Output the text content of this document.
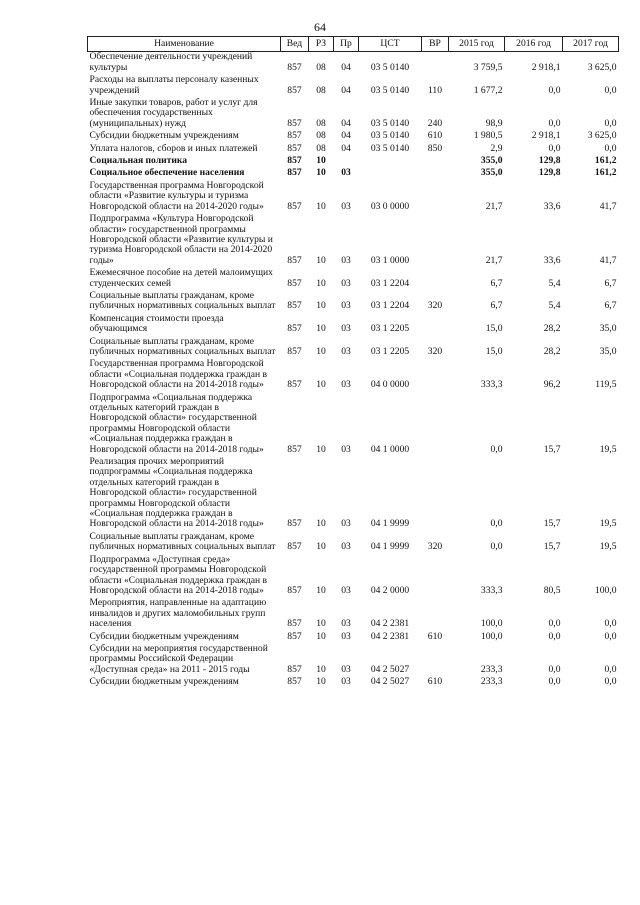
64
Наименование	Вед	РЗ	Пр	ЦСТ	ВР	2015 год	2016 год	2017 год
Обеспечение деятельности учреждений культуры	857	08	04	03 5 0140		3 759,5	2 918,1	3 625,0
Расходы на выплаты персоналу казенных учреждений	857	08	04	03 5 0140	110	1 677,2	0,0	0,0
Иные закупки товаров, работ и услуг для обеспечения государственных (муниципальных) нужд	857	08	04	03 5 0140	240	98,9	0,0	0,0
Субсидии бюджетным учреждениям	857	08	04	03 5 0140	610	1 980,5	2 918,1	3 625,0
Уплата налогов, сборов и иных платежей	857	08	04	03 5 0140	850	2,9	0,0	0,0
Социальная политика	857	10				355,0	129,8	161,2
Социальное обеспечение населения	857	10	03			355,0	129,8	161,2
Государственная программа Новгородской области «Развитие культуры и туризма Новгородской области на 2014-2020 годы»	857	10	03	03 0 0000		21,7	33,6	41,7
Подпрограмма «Культура Новгородской области» государственной программы Новгородской области «Развитие культуры и туризма Новгородской области на 2014-2020 годы»	857	10	03	03 1 0000		21,7	33,6	41,7
Ежемесячное пособие на детей малоимущих студенческих семей	857	10	03	03 1 2204		6,7	5,4	6,7
Социальные выплаты гражданам, кроме публичных нормативных социальных выплат	857	10	03	03 1 2204	320	6,7	5,4	6,7
Компенсация стоимости проезда обучающимся	857	10	03	03 1 2205		15,0	28,2	35,0
Социальные выплаты гражданам, кроме публичных нормативных социальных выплат	857	10	03	03 1 2205	320	15,0	28,2	35,0
Государственная программа Новгородской области «Социальная поддержка граждан в Новгородской области на 2014-2018 годы»	857	10	03	04 0 0000		333,3	96,2	119,5
Подпрограмма «Социальная поддержка отдельных категорий граждан в Новгородской области» государственной программы Новгородской области «Социальная поддержка граждан в Новгородской области на 2014-2018 годы»	857	10	03	04 1 0000		0,0	15,7	19,5
Реализация прочих мероприятий подпрограммы «Социальная поддержка отдельных категорий граждан в Новгородской области» государственной программы Новгородской области «Социальная поддержка граждан в Новгородской области на 2014-2018 годы»	857	10	03	04 1 9999		0,0	15,7	19,5
Социальные выплаты гражданам, кроме публичных нормативных социальных выплат	857	10	03	04 1 9999	320	0,0	15,7	19,5
Подпрограмма «Доступная среда» государственной программы Новгородской области «Социальная поддержка граждан в Новгородской области на 2014-2018 годы»	857	10	03	04 2 0000		333,3	80,5	100,0
Мероприятия, направленные на адаптацию инвалидов и других маломобильных групп населения	857	10	03	04 2 2381		100,0	0,0	0,0
Субсидии бюджетным учреждениям	857	10	03	04 2 2381	610	100,0	0,0	0,0
Субсидии на мероприятия государственной программы Российской Федерации «Доступная среда» на 2011 - 2015 годы	857	10	03	04 2 5027		233,3	0,0	0,0
Субсидии бюджетным учреждениям	857	10	03	04 2 5027	610	233,3	0,0	0,0
